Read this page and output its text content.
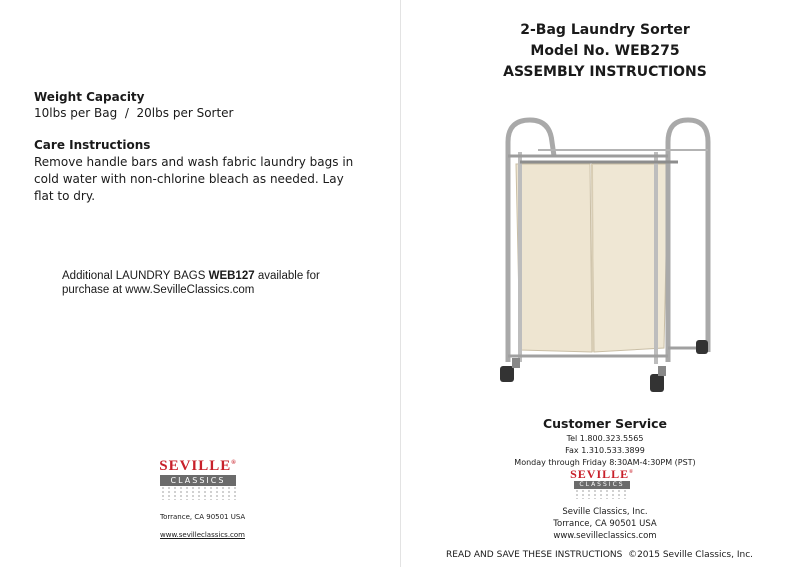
Weight Capacity
10lbs per Bag  /  20lbs per Sorter
Care Instructions
Remove handle bars and wash fabric laundry bags in cold water with non-chlorine bleach as needed. Lay flat to dry.
Additional LAUNDRY BAGS WEB127 available for purchase at www.SevilleClassics.com
SEVILLE®
CLASSICS
Torrance, CA 90501 USA
www.sevilleclassics.com
2-Bag Laundry Sorter
Model No. WEB275
ASSEMBLY INSTRUCTIONS
Customer Service
Tel 1.800.323.5565
Fax 1.310.533.3899
Monday through Friday 8:30AM-4:30PM (PST)
SEVILLE®
CLASSICS
Seville Classics, Inc.
Torrance, CA 90501 USA
www.sevilleclassics.com
READ AND SAVE THESE INSTRUCTIONS  ©2015 Seville Classics, Inc.
